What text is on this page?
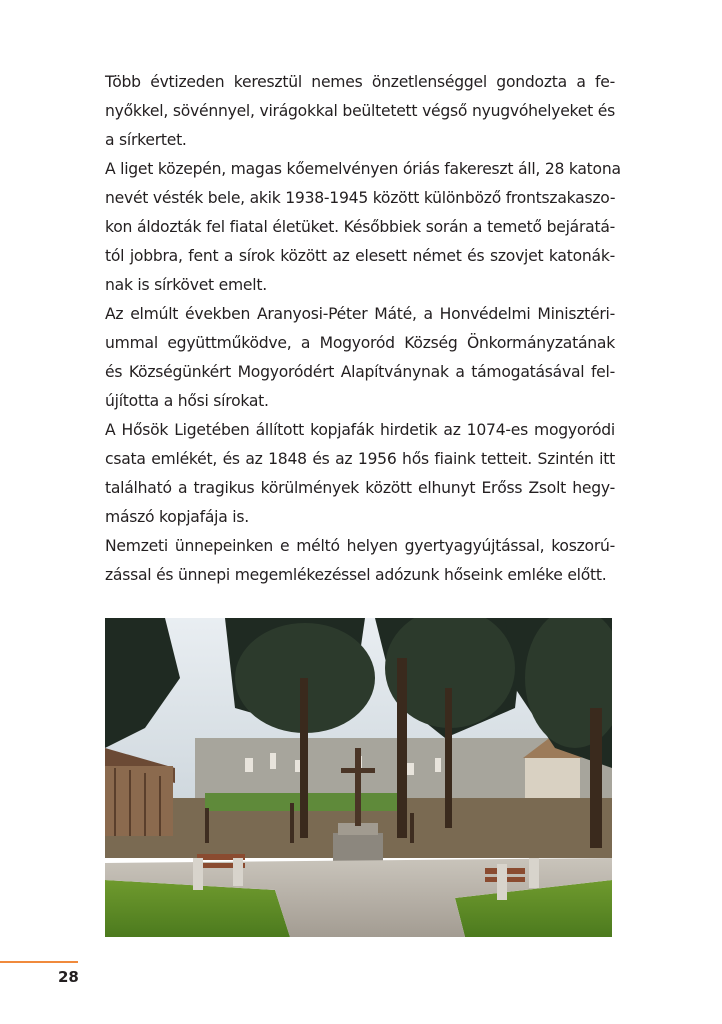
Több évtizeden keresztül nemes önzetlenséggel gondozta a fe-
nyőkkel, sövénnyel, virágokkal beültetett végső nyugvóhelyeket és
a sírkertet.
A liget közepén, magas kőemelvényen óriás fakereszt áll, 28 katona
nevét vésték bele, akik 1938-1945 között különböző frontszakaszo-
kon áldozták fel fiatal életüket. Későbbiek során a temető bejáratá-
tól jobbra, fent a sírok között az elesett német és szovjet katonák-
nak is sírkövet emelt.
Az elmúlt években Aranyosi-Péter Máté, a Honvédelmi Minisztéri-
ummal együttműködve, a Mogyoród Község Önkormányzatának
és Községünkért Mogyoródért Alapítványnak a támogatásával fel-
újította a hősi sírokat.
A Hősök Ligetében állított kopjafák hirdetik az 1074-es mogyoródi
csata emlékét, és az 1848 és az 1956 hős fiaink tetteit. Szintén itt
található a tragikus körülmények között elhunyt Erőss Zsolt hegy-
mászó kopjafája is.
Nemzeti ünnepeinken e méltó helyen gyertyagyújtással, koszorú-
zással és ünnepi megemlékezéssel adózunk hőseink emléke előtt.
28
